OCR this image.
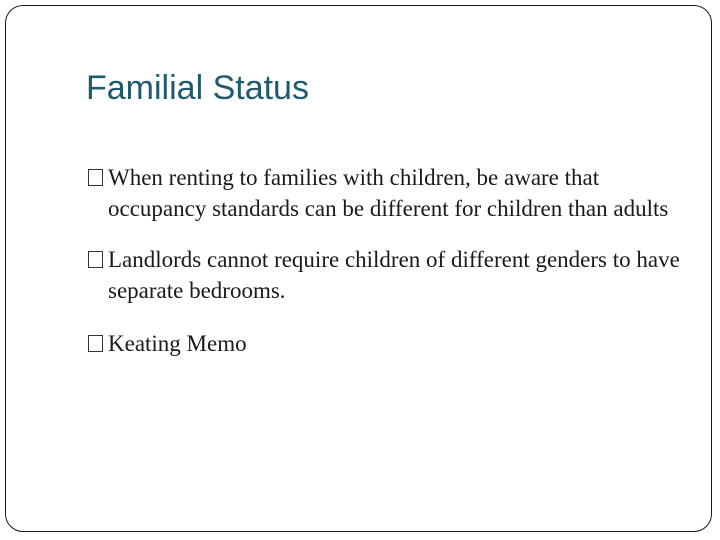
Familial Status
When renting to families with children, be aware that occupancy standards can be different for children than adults
Landlords cannot require children of different genders to have separate bedrooms.
Keating Memo
